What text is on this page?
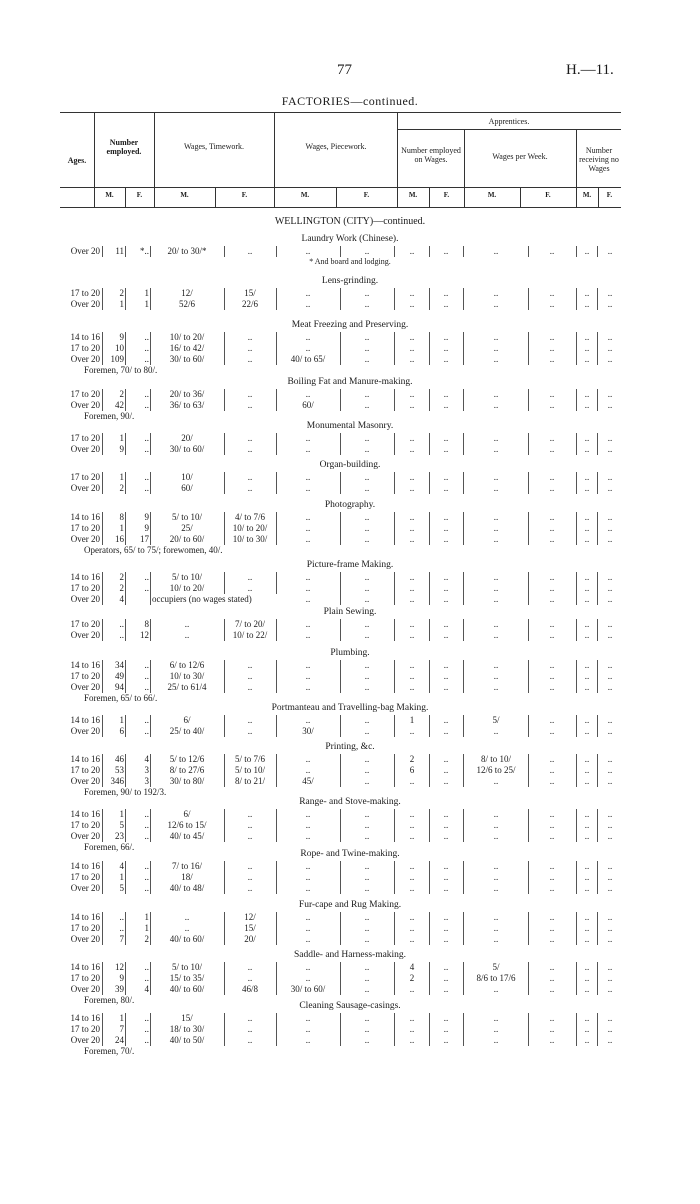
77	H.—11.
FACTORIES—continued.
Ages.
Number employed.
Wages, Timework.	Wages, Piecework.
Apprentices.
Number employed on Wages.	Wages per Week.
Number receiving no Wages
M.	F.	M.	F.	M.	F.	M.	F.	M.	F.	M.	F.
WELLINGTON (CITY)—continued.
Laundry Work (Chinese).
Over 20	11	*..	20/ to 30/*	..	..	..	..	..	..	..	..	..
* And board and lodging.
Lens-grinding.
17 to 20	2	1	12/	15/	..	..	..	..	..	..	..	..
Over 20	1	1	52/6	22/6	..	..	..	..	..	..	..	..
Meat Freezing and Preserving.
14 to 16	9	..	10/ to 20/	..	..	..	..	..	..	..	..	..
17 to 20	10	..	16/ to 42/	..	..	..	..	..	..	..	..	..
Over 20	109	..	30/ to 60/	..	40/ to 65/	..	..	..	..	..	..	..
Foremen, 70/ to 80/.
Boiling Fat and Manure-making.
17 to 20	2	..	20/ to 36/	..	..	..	..	..	..	..	..	..
Over 20	42	..	36/ to 63/	..	60/	..	..	..	..	..	..	..
Foremen, 90/.
Monumental Masonry.
17 to 20	1	..	20/	..	..	..	..	..	..	..	..	..
Over 20	9	..	30/ to 60/	..	..	..	..	..	..	..	..	..
Organ-building.
17 to 20	1	..	10/	..	..	..	..	..	..	..	..	..
Over 20	2	..	60/	..	..	..	..	..	..	..	..	..
Photography.
14 to 16	8	9	5/ to 10/	4/ to 7/6	..	..	..	..	..	..	..	..
17 to 20	1	9	25/	10/ to 20/	..	..	..	..	..	..	..	..
Over 20	16	17	20/ to 60/	10/ to 30/	..	..	..	..	..	..	..	..
Operators, 65/ to 75/; forewomen, 40/.
Picture-frame Making.
14 to 16	2	..	5/ to 10/	..	..	..	..	..	..	..	..	..
17 to 20	2	..	10/ to 20/	..	..	..	..	..	..	..	..	..
Over 20	4	occupiers (no wages stated)	..	..	..	..	..	..	..	..
Plain Sewing.
17 to 20	..	8	..	7/ to 20/	..	..	..	..	..	..	..	..
Over 20	..	12	..	10/ to 22/	..	..	..	..	..	..	..	..
Plumbing.
14 to 16	34	..	6/ to 12/6	..	..	..	..	..	..	..	..	..
17 to 20	49	..	10/ to 30/	..	..	..	..	..	..	..	..	..
Over 20	94	..	25/ to 61/4	..	..	..	..	..	..	..	..	..
Foremen, 65/ to 66/.
Portmanteau and Travelling-bag Making.
14 to 16	1	..	6/	..	..	..	1	..	5/	..	..	..
Over 20	6	..	25/ to 40/	..	30/	..	..	..	..	..	..	..
Printing, &c.
14 to 16	46	4	5/ to 12/6	5/ to 7/6	..	..	2	..	8/ to 10/	..	..	..
17 to 20	53	3	8/ to 27/6	5/ to 10/	..	..	6	..	12/6 to 25/	..	..	..
Over 20	346	3	30/ to 80/	8/ to 21/	45/	..	..	..	..	..	..	..
Foremen, 90/ to 192/3.
Range- and Stove-making.
14 to 16	1	..	6/	..	..	..	..	..	..	..	..	..
17 to 20	5	..	12/6 to 15/	..	..	..	..	..	..	..	..	..
Over 20	23	..	40/ to 45/	..	..	..	..	..	..	..	..	..
Foremen, 66/.
Rope- and Twine-making.
14 to 16	4	..	7/ to 16/	..	..	..	..	..	..	..	..	..
17 to 20	1	..	18/	..	..	..	..	..	..	..	..	..
Over 20	5	..	40/ to 48/	..	..	..	..	..	..	..	..	..
Fur-cape and Rug Making.
14 to 16	..	1	..	12/	..	..	..	..	..	..	..	..
17 to 20	..	1	..	15/	..	..	..	..	..	..	..	..
Over 20	7	2	40/ to 60/	20/	..	..	..	..	..	..	..	..
Saddle- and Harness-making.
14 to 16	12	..	5/ to 10/	..	..	..	4	..	5/	..	..	..
17 to 20	9	..	15/ to 35/	..	..	..	2	..	8/6 to 17/6	..	..	..
Over 20	39	4	40/ to 60/	46/8	30/ to 60/	..	..	..	..	..	..	..
Foremen, 80/.
Cleaning Sausage-casings.
14 to 16	1	..	15/	..	..	..	..	..	..	..	..	..
17 to 20	7	..	18/ to 30/	..	..	..	..	..	..	..	..	..
Over 20	24	..	40/ to 50/	..	..	..	..	..	..	..	..	..
Foremen, 70/.
